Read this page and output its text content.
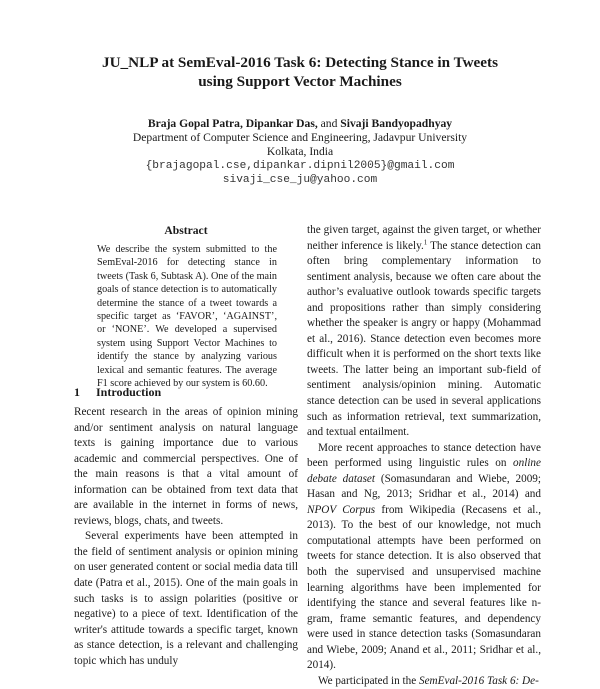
JU_NLP at SemEval-2016 Task 6: Detecting Stance in Tweets
using Support Vector Machines
Braja Gopal Patra, Dipankar Das, and Sivaji Bandyopadhyay
Department of Computer Science and Engineering, Jadavpur University
Kolkata, India
{brajagopal.cse,dipankar.dipnil2005}@gmail.com
sivaji_cse_ju@yahoo.com
Abstract
We describe the system submitted to the SemEval-2016 for detecting stance in tweets (Task 6, Subtask A). One of the main goals of stance detection is to automatically determine the stance of a tweet towards a specific target as ‘FAVOR’, ‘AGAINST’, or ‘NONE’. We developed a supervised system using Support Vector Machines to identify the stance by analyzing various lexical and semantic features. The average F1 score achieved by our system is 60.60.
1 Introduction

Recent research in the areas of opinion mining and/or sentiment analysis on natural language texts is gaining importance due to various academic and commercial perspectives. One of the main reasons is that a vital amount of information can be obtained from text data that are available in the internet in forms of news, reviews, blogs, chats, and tweets.

Several experiments have been attempted in the field of sentiment analysis or opinion mining on user generated content or social media data till date (Patra et al., 2015). One of the main goals in such tasks is to assign polarities (positive or negative) to a piece of text. Identification of the writer's attitude towards a specific target, known as stance detection, is a relevant and challenging topic which has unduly

the given target, against the given target, or whether neither inference is likely.$^1$ The stance detection can often bring complementary information to sentiment analysis, because we often care about the author’s evaluative outlook towards specific targets and propositions rather than simply considering whether the speaker is angry or happy (Mohammad et al., 2016). Stance detection even becomes more difficult when it is performed on the short texts like tweets. The latter being an important sub-field of sentiment analysis/opinion mining. Automatic stance detection can be used in several applications such as information retrieval, text summarization, and textual entailment.

More recent approaches to stance detection have been performed using linguistic rules on online debate dataset (Somasundaran and Wiebe, 2009; Hasan and Ng, 2013; Sridhar et al., 2014) and NPOV Corpus from Wikipedia (Recasens et al., 2013). To the best of our knowledge, not much computational attempts have been performed on tweets for stance detection. It is also observed that both the supervised and unsupervised machine learning algorithms have been implemented for identifying the stance and several features like n-gram, frame semantic features, and dependency were used in stance detection tasks (Somasundaran and Wiebe, 2009; Anand et al., 2011; Sridhar et al., 2014).

We participated in the SemEval-2016 Task 6: De-
